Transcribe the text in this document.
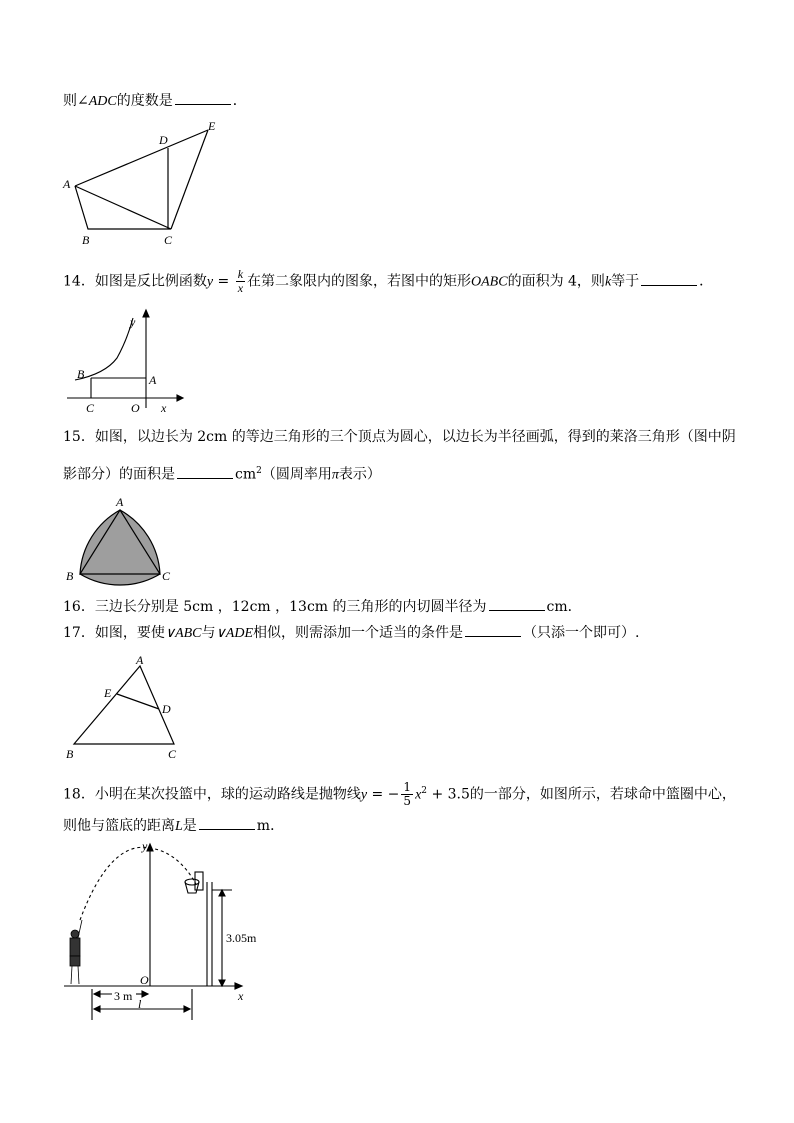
则∠ADC的度数是	．
A
B	C
D
E
14．如图是反比例函数$y = \frac{k}{x}$ 在第二象限内的图象，若图中的矩形OABC的面积为 4，则k等于	．
y
x
B	A
C	O
15．如图，以边长为 2cm 的等边三角形的三个顶点为圆心，以边长为半径画弧，得到的莱洛三角形（图中阴
影部分）的面积是	$cm^2$（圆周率用π表示）
A
B	C
16．三边长分别是 5cm ，12cm ，13cm 的三角形的内切圆半径为	cm．
17．如图，要使∨ABC与∨ADE相似，则需添加一个适当的条件是	（只添一个即可）.
A
B	C
D
E
18．小明在某次投篮中，球的运动路线是抛物线y = − $\frac{1}{5} x^2 + 3.5$的一部分，如图所示，若球命中篮圈中心，
则他与篮底的距离L是	m．
y
x
O
3.05m
3 m
l
